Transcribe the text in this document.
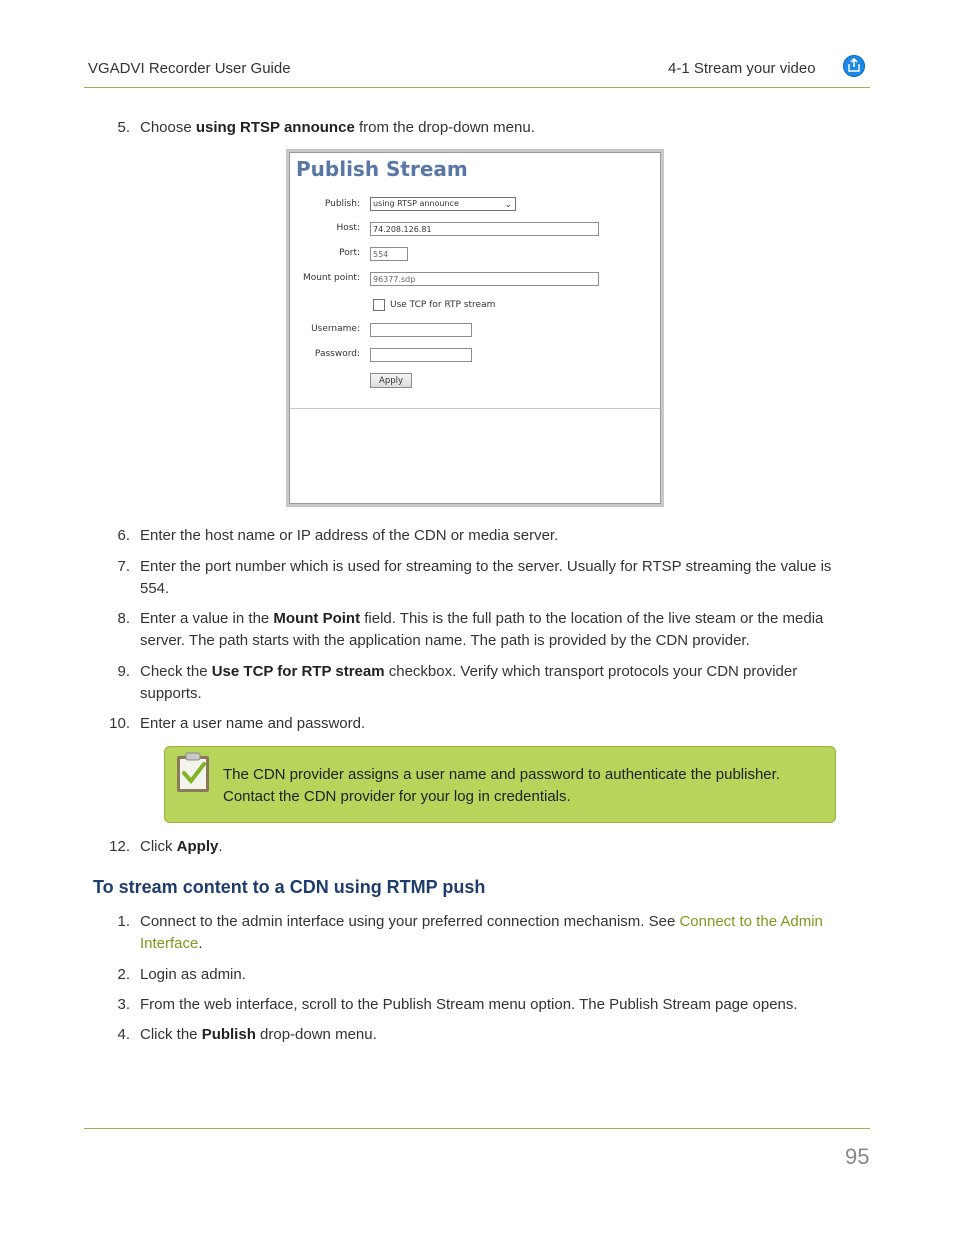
VGADVI Recorder User Guide	4-1 Stream your video
5. Choose using RTSP announce from the drop-down menu.
Publish Stream
Publish:	using RTSP announce	⌄
Host:	74.208.126.81
Port:	554
Mount point:	96377.sdp
Use TCP for RTP stream
Username:
Password:
Apply
6. Enter the host name or IP address of the CDN or media server.
7. Enter the port number which is used for streaming to the server. Usually for RTSP streaming the value is 554.
8. Enter a value in the Mount Point field. This is the full path to the location of the live steam or the media server. The path starts with the application name. The path is provided by the CDN provider.
9. Check the Use TCP for RTP stream checkbox. Verify which transport protocols your CDN provider supports.
10. Enter a user name and password.
The CDN provider assigns a user name and password to authenticate the publisher. Contact the CDN provider for your log in credentials.
12. Click Apply.
To stream content to a CDN using RTMP push
1. Connect to the admin interface using your preferred connection mechanism. See Connect to the Admin Interface.
2. Login as admin.
3. From the web interface, scroll to the Publish Stream menu option. The Publish Stream page opens.
4. Click the Publish drop-down menu.
95
